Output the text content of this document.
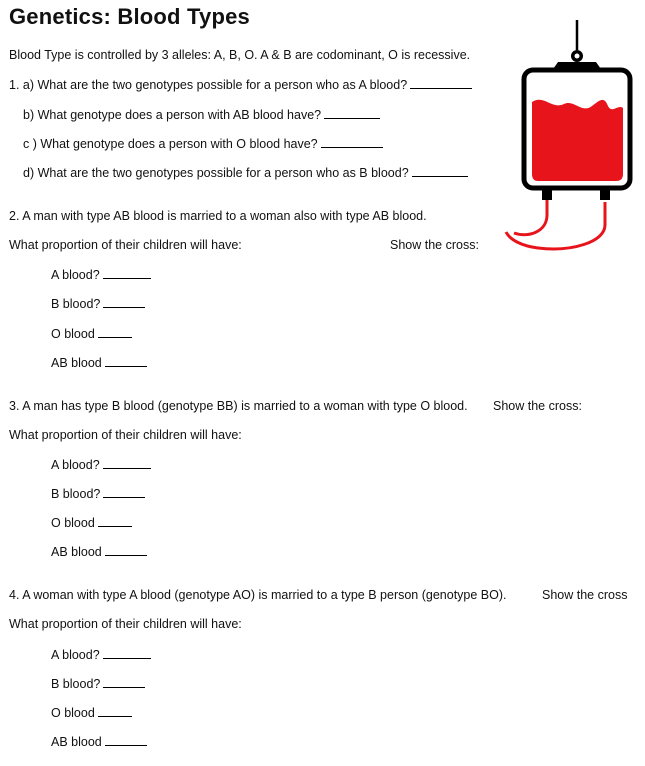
Genetics: Blood Types
Blood Type is controlled by 3 alleles: A, B, O. A & B are codominant, O is recessive.
1. a) What are the two genotypes possible for a person who as A blood?
b) What genotype does a person with AB blood have?
c ) What genotype does a person with O blood have?
d) What are the two genotypes possible for a person who as B blood?
2. A man with type AB blood is married to a woman also with type AB blood.
What proportion of their children will have:	Show the cross:
A blood?
B blood?
O blood
AB blood
3. A man has type B blood (genotype BB) is married to a woman with type O blood. Show the cross:
What proportion of their children will have:
A blood?
B blood?
O blood
AB blood
4. A woman with type A blood (genotype AO) is married to a type B person (genotype BO).	Show the cross
What proportion of their children will have:
A blood?
B blood?
O blood
AB blood
